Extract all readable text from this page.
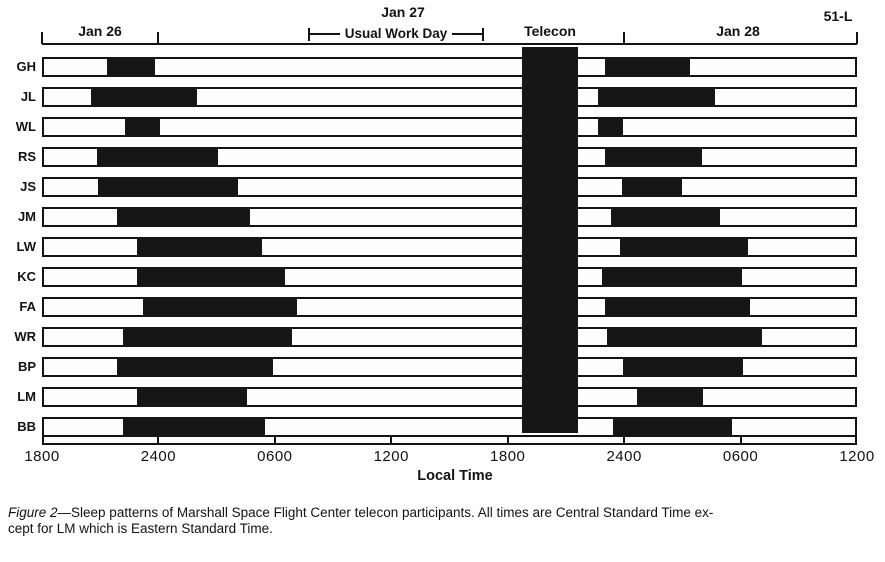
Jan 26
Jan 27
Usual Work Day	Telecon	Jan 28
51-L
1800	2400	0600	1200	1800	2400	0600	1200
Local Time

Figure 2—Sleep patterns of Marshall Space Flight Center telecon participants. All times are Central Standard Time ex-
cept for LM which is Eastern Standard Time.

GH
JL
WL
RS
JS
JM
LW
KC
FA
WR
BP
LM
BB
